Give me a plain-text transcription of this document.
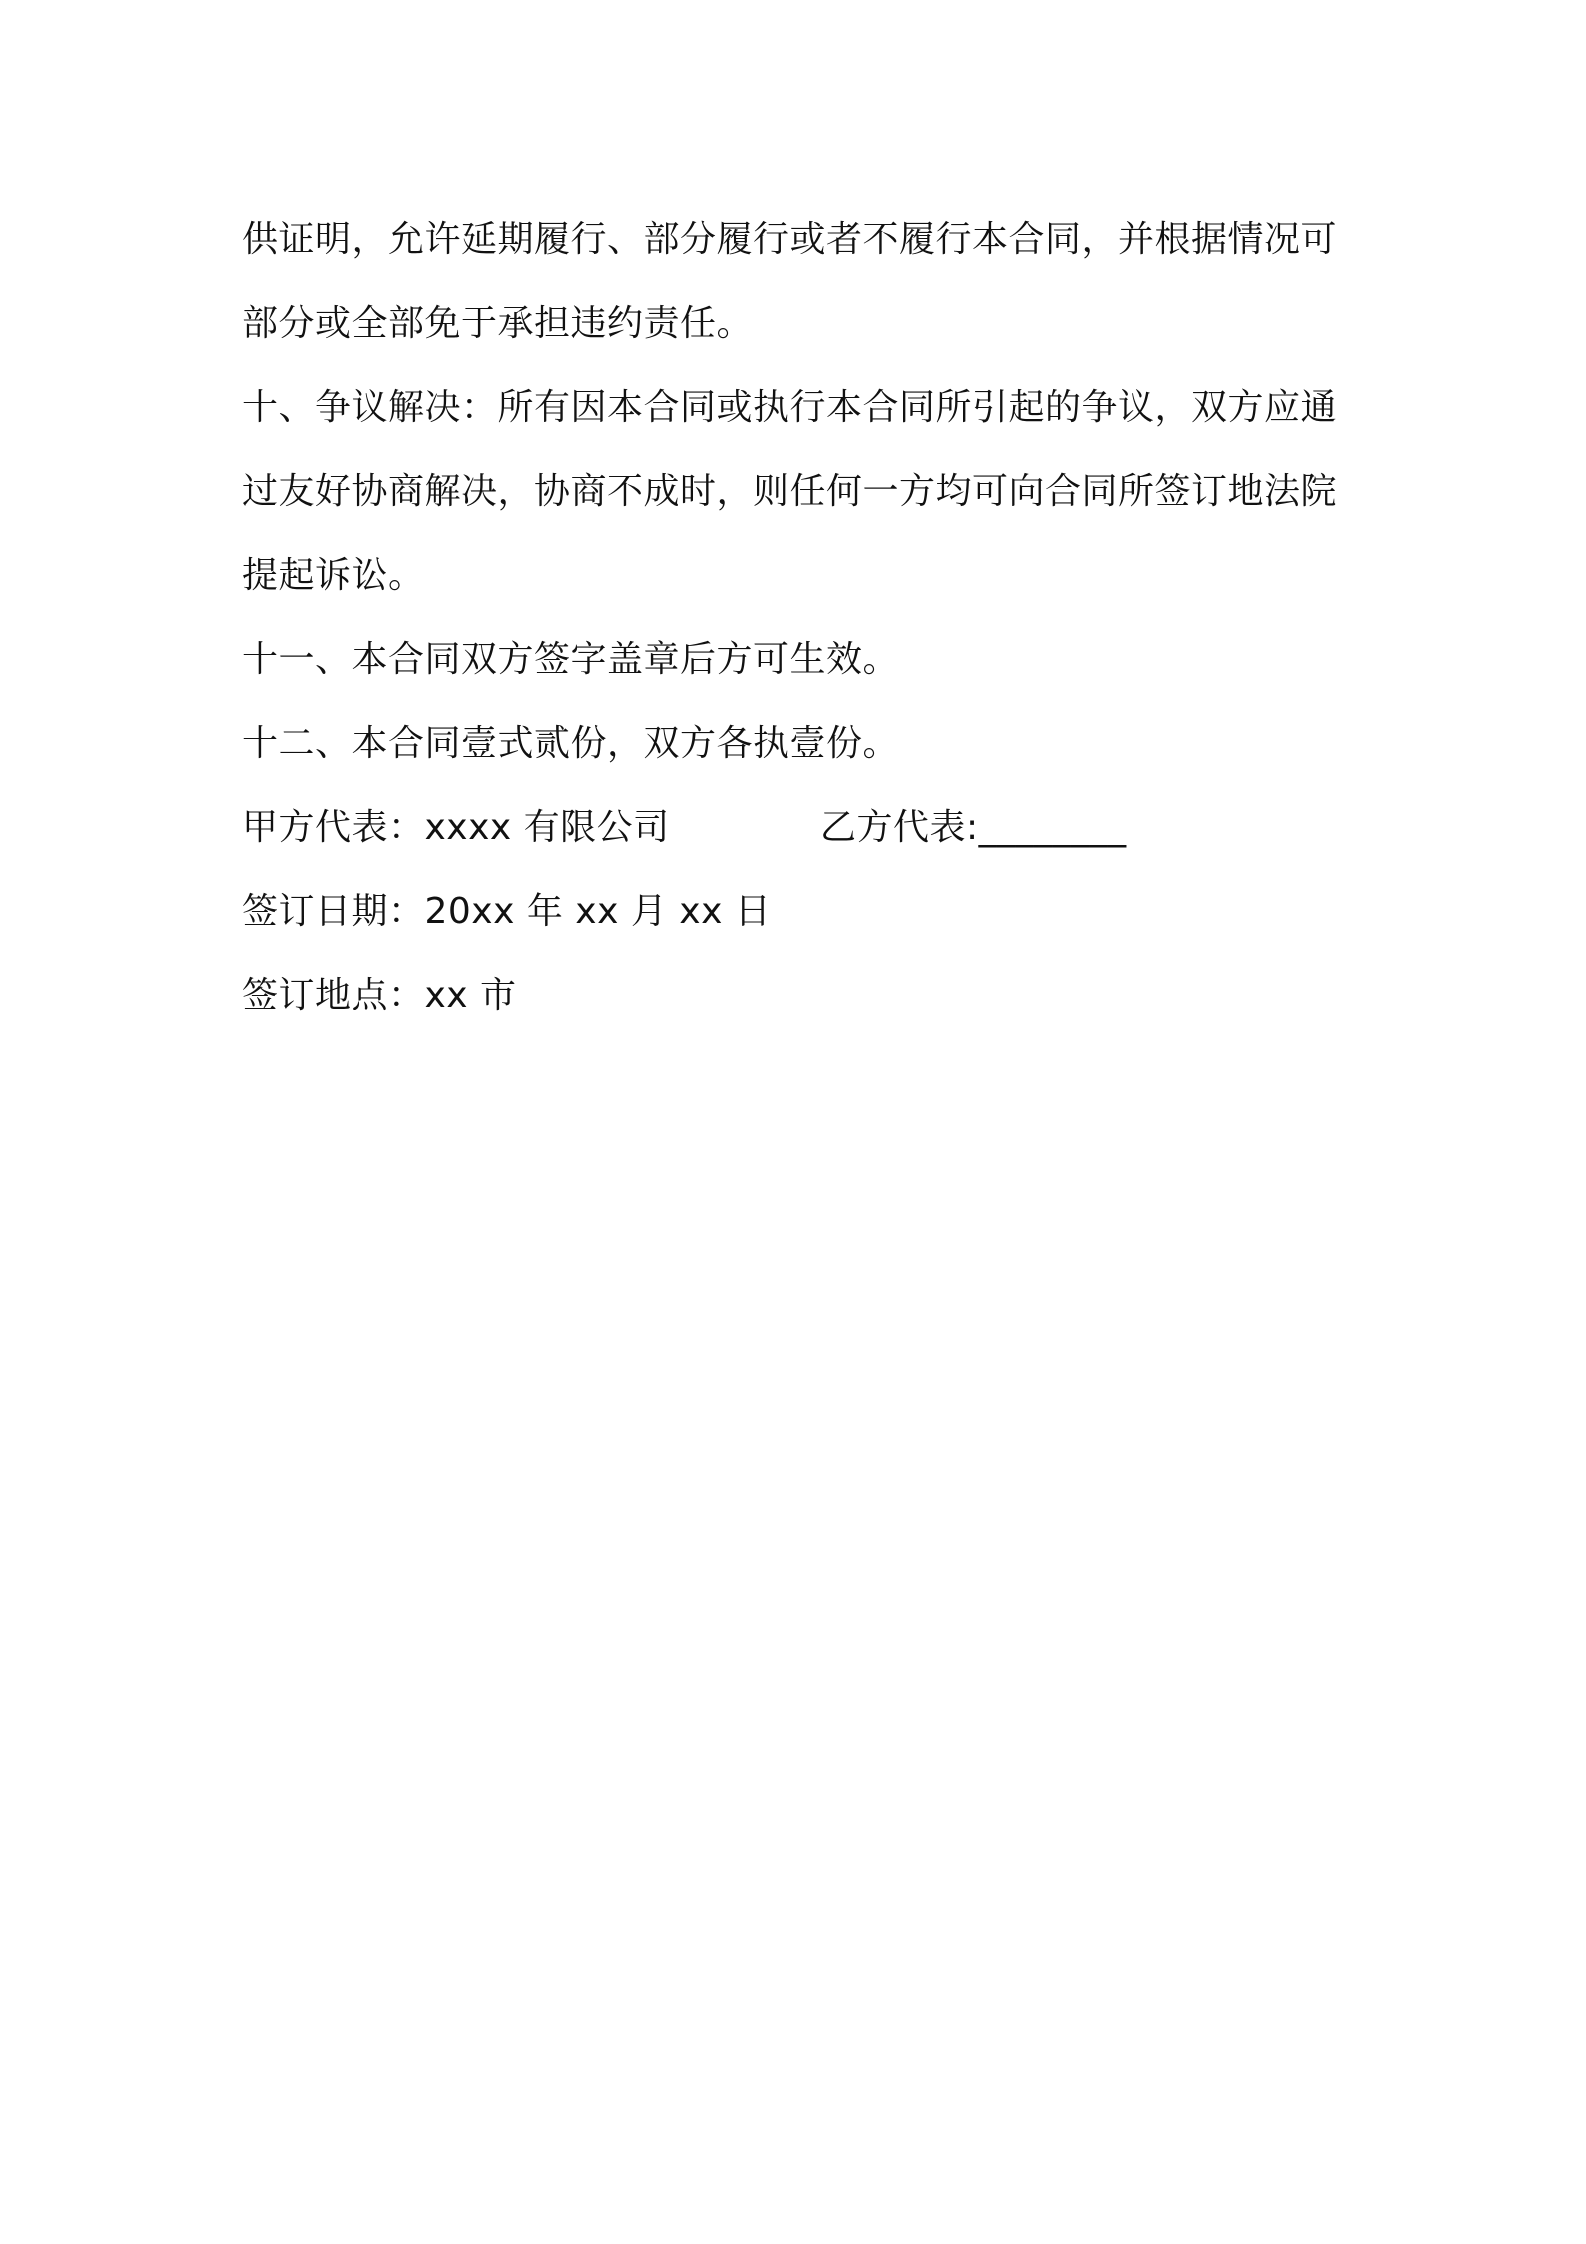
供证明，允许延期履行、部分履行或者不履行本合同，并根据情况可部分或全部免于承担违约责任。

十、争议解决：所有因本合同或执行本合同所引起的争议，双方应通过友好协商解决，协商不成时，则任何一方均可向合同所签订地法院提起诉讼。

十一、本合同双方签字盖章后方可生效。

十二、本合同壹式贰份，双方各执壹份。

甲方代表：xxxx 有限公司	乙方代表:________

签订日期：20xx 年 xx 月 xx 日

签订地点：xx 市
